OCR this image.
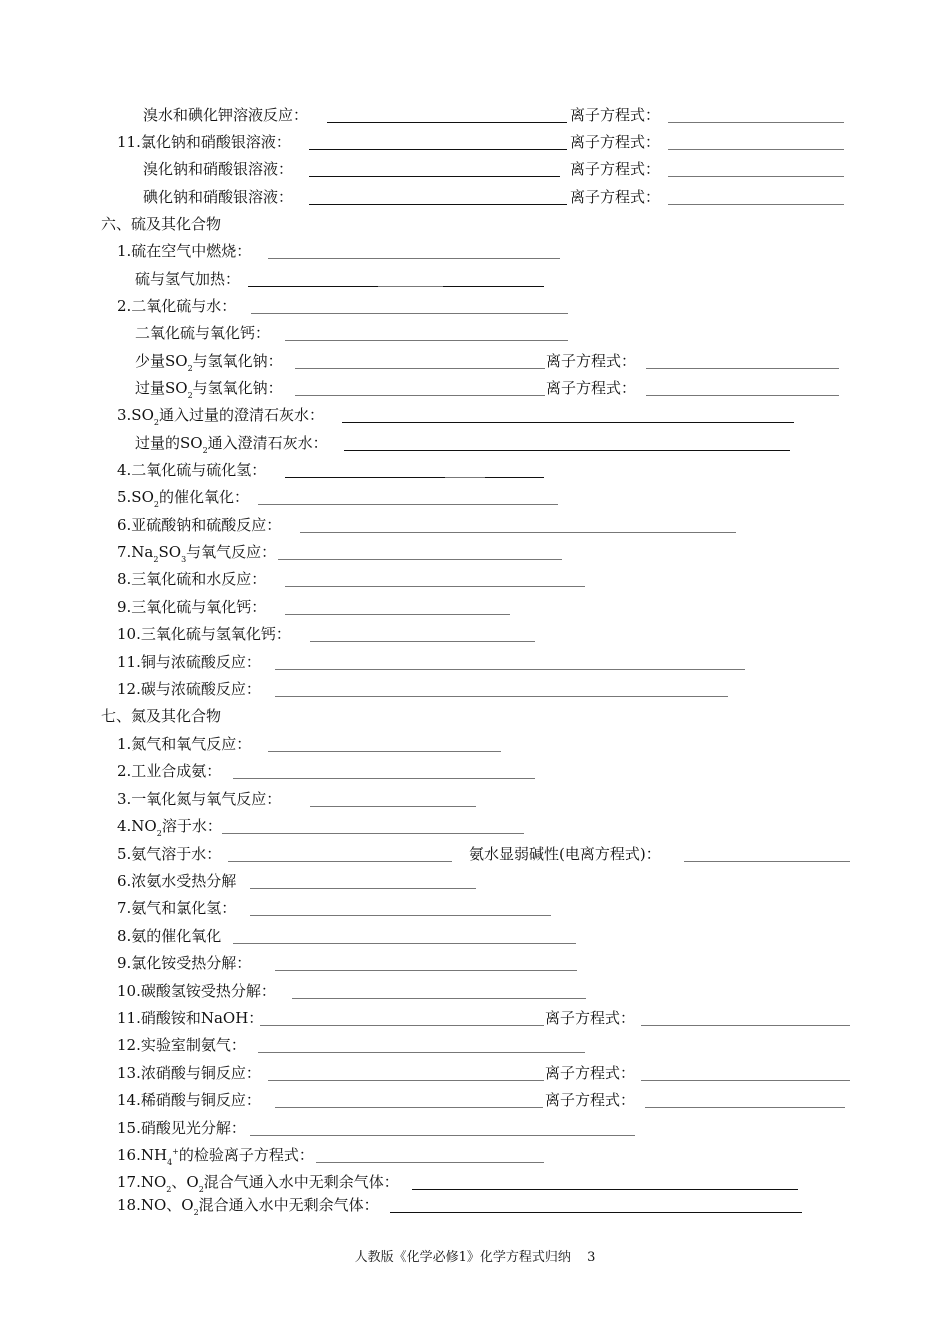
溴水和碘化钾溶液反应：	离子方程式：
11.氯化钠和硝酸银溶液：	离子方程式：
溴化钠和硝酸银溶液：	离子方程式：
碘化钠和硝酸银溶液：	离子方程式：
六、硫及其化合物
1.硫在空气中燃烧：
硫与氢气加热：
2.二氧化硫与水：
二氧化硫与氧化钙：
少量$SO_2$与氢氧化钠：	离子方程式：
过量$SO_2$与氢氧化钠：	离子方程式：
$3.SO_2$通入过量的澄清石灰水：
过量的$SO_2$通入澄清石灰水：
4.二氧化硫与硫化氢：
$5.SO_2$的催化氧化：
6.亚硫酸钠和硫酸反应：
$7.Na_2SO_3$与氧气反应：
8.三氧化硫和水反应：
9.三氧化硫与氧化钙：
10.三氧化硫与氢氧化钙：
11.铜与浓硫酸反应：
12.碳与浓硫酸反应：
七、氮及其化合物
1.氮气和氧气反应：
2.工业合成氨：
3.一氧化氮与氧气反应：
$4.NO_2$溶于水：
5.氨气溶于水：	氨水显弱碱性(电离方程式)：
6.浓氨水受热分解
7.氨气和氯化氢：
8.氨的催化氧化
9.氯化铵受热分解：
10.碳酸氢铵受热分解：
11.硝酸铵和NaOH：	离子方程式：
12.实验室制氨气：
13.浓硝酸与铜反应：	离子方程式：
14.稀硝酸与铜反应：	离子方程式：
15.硝酸见光分解：
$16.NH_4^+$的检验离子方程式：
$17.NO_2$、$O_2$混合气通入水中无剩余气体：
18.NO、$O_2$混合通入水中无剩余气体：
人教版《化学必修1》化学方程式归纳 3
